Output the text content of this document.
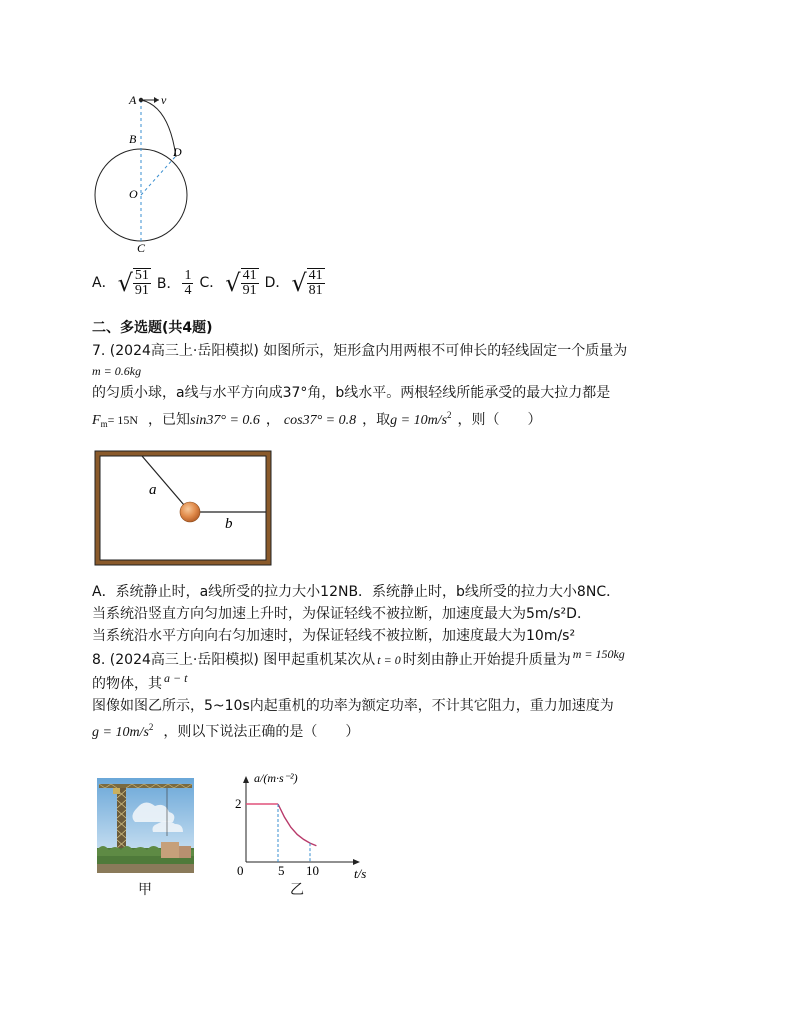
A v
B
D
O
C
A． √ $\frac{51}{91}$ B． $\frac{1}{4}$ C． √ $\frac{41}{91}$ D． √ $\frac{41}{81}$
二、多选题(共4题)
7. (2024高三上·岳阳模拟) 如图所示，矩形盒内用两根不可伸长的轻线固定一个质量为
m = 0.6kg
的匀质小球，a线与水平方向成37°角，b线水平。两根轻线所能承受的最大拉力都是
F m = 15N ，已知 sin37° = 0.6 ， cos37° = 0.8 ，取 g = 10m/s 2 ，则（　　）
a
b
A．系统静止时，a线所受的拉力大小12NB．系统静止时，b线所受的拉力大小8NC．
当系统沿竖直方向匀加速上升时，为保证轻线不被拉断，加速度最大为5m/s²D．
当系统沿水平方向向右匀加速时，为保证轻线不被拉断，加速度最大为10m/s²
8. (2024高三上·岳阳模拟) 图甲起重机某次从 t = 0 时刻由静止开始提升质量为 m = 150kg
的物体，其 a − t
图像如图乙所示，5~10s内起重机的功率为额定功率，不计其它阻力，重力加速度为
g = 10m/s 2 ，则以下说法正确的是（　　）
甲
a/(m·s⁻²)
t/s
2
0	5 10
乙
